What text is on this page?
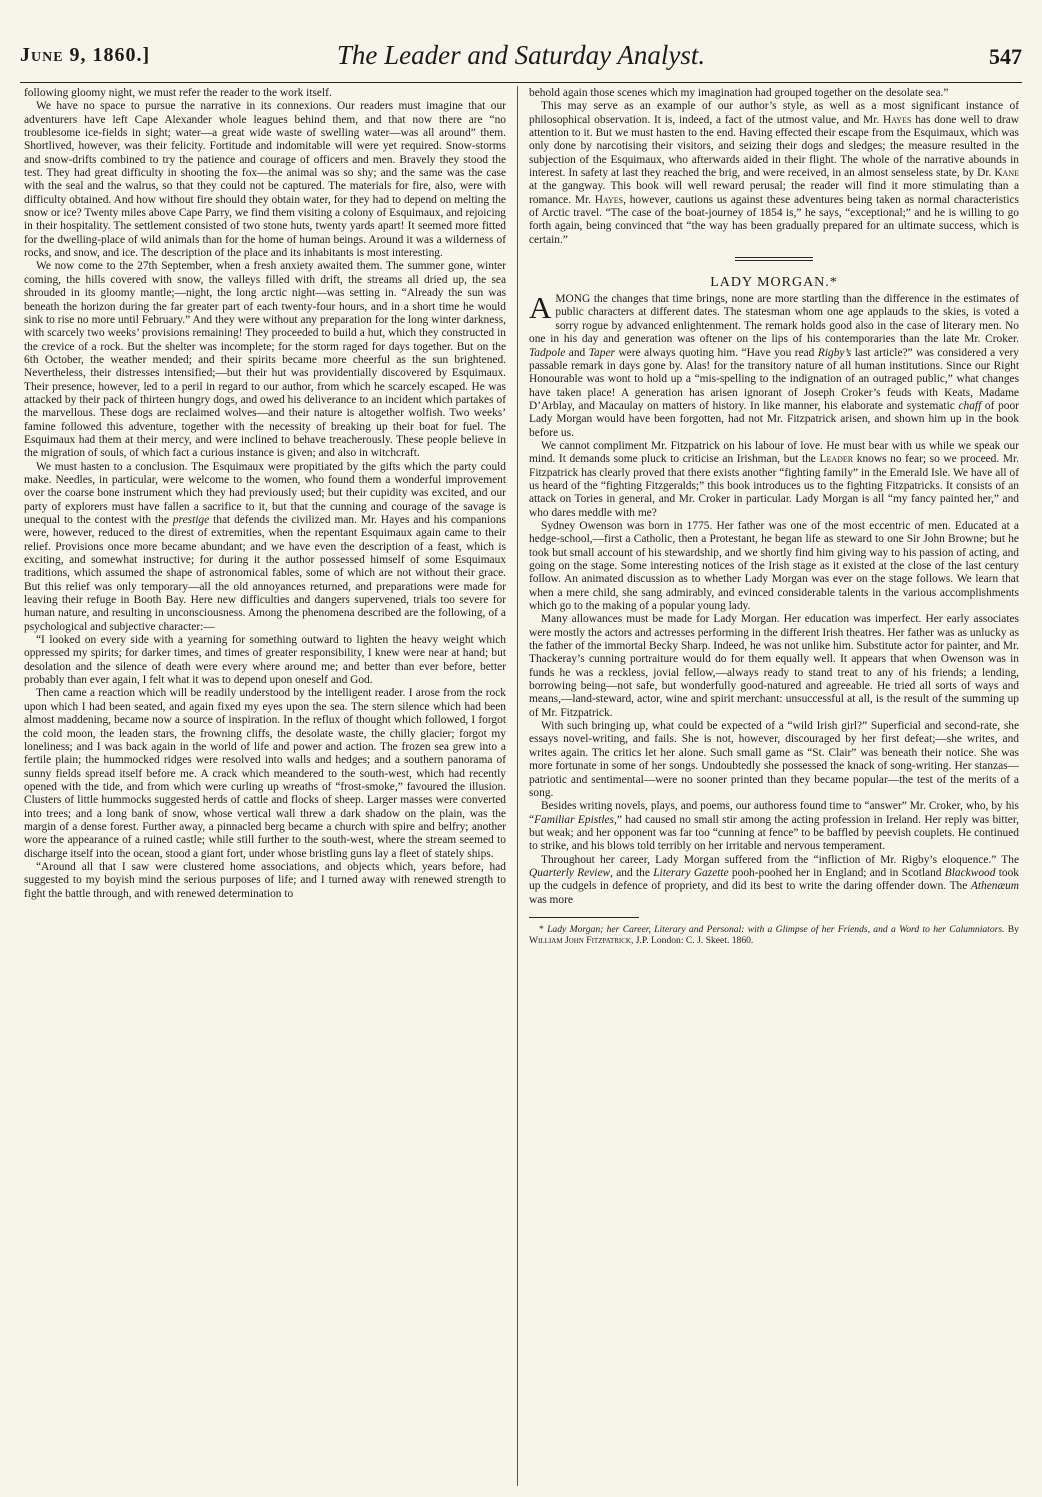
June 9, 1860.]	The Leader and Saturday Analyst.	547

following gloomy night, we must refer the reader to the work itself.

We have no space to pursue the narrative in its connexions. Our readers must imagine that our adventurers have left Cape Alexander whole leagues behind them, and that now there are “no troublesome ice-fields in sight; water—a great wide waste of swelling water—was all around” them. Shortlived, however, was their felicity. Fortitude and indomitable will were yet required. Snow-storms and snow-drifts combined to try the patience and courage of officers and men. Bravely they stood the test. They had great difficulty in shooting the fox—the animal was so shy; and the same was the case with the seal and the walrus, so that they could not be captured. The materials for fire, also, were with difficulty obtained. And how without fire should they obtain water, for they had to depend on melting the snow or ice? Twenty miles above Cape Parry, we find them visiting a colony of Esquimaux, and rejoicing in their hospitality. The settlement consisted of two stone huts, twenty yards apart! It seemed more fitted for the dwelling-place of wild animals than for the home of human beings. Around it was a wilderness of rocks, and snow, and ice. The description of the place and its inhabitants is most interesting.

We now come to the 27th September, when a fresh anxiety awaited them. The summer gone, winter coming, the hills covered with snow, the valleys filled with drift, the streams all dried up, the sea shrouded in its gloomy mantle;—night, the long arctic night—was setting in. “Already the sun was beneath the horizon during the far greater part of each twenty-four hours, and in a short time he would sink to rise no more until February.” And they were without any preparation for the long winter darkness, with scarcely two weeks’ provisions remaining! They proceeded to build a hut, which they constructed in the crevice of a rock. But the shelter was incomplete; for the storm raged for days together. But on the 6th October, the weather mended; and their spirits became more cheerful as the sun brightened. Nevertheless, their distresses intensified;—but their hut was providentially discovered by Esquimaux. Their presence, however, led to a peril in regard to our author, from which he scarcely escaped. He was attacked by their pack of thirteen hungry dogs, and owed his deliverance to an incident which partakes of the marvellous. These dogs are reclaimed wolves—and their nature is altogether wolfish. Two weeks’ famine followed this adventure, together with the necessity of breaking up their boat for fuel. The Esquimaux had them at their mercy, and were inclined to behave treacherously. These people believe in the migration of souls, of which fact a curious instance is given; and also in witchcraft.

We must hasten to a conclusion. The Esquimaux were propitiated by the gifts which the party could make. Needles, in particular, were welcome to the women, who found them a wonderful improvement over the coarse bone instrument which they had previously used; but their cupidity was excited, and our party of explorers must have fallen a sacrifice to it, but that the cunning and courage of the savage is unequal to the contest with the prestige that defends the civilized man. Mr. Hayes and his companions were, however, reduced to the direst of extremities, when the repentant Esquimaux again came to their relief. Provisions once more became abundant; and we have even the description of a feast, which is exciting, and somewhat instructive; for during it the author possessed himself of some Esquimaux traditions, which assumed the shape of astronomical fables, some of which are not without their grace. But this relief was only temporary—all the old annoyances returned, and preparations were made for leaving their refuge in Booth Bay. Here new difficulties and dangers supervened, trials too severe for human nature, and resulting in unconsciousness. Among the phenomena described are the following, of a psychological and subjective character:—

“I looked on every side with a yearning for something outward to lighten the heavy weight which oppressed my spirits; for darker times, and times of greater responsibility, I knew were near at hand; but desolation and the silence of death were every where around me; and better than ever before, better probably than ever again, I felt what it was to depend upon oneself and God.

Then came a reaction which will be readily understood by the intelligent reader. I arose from the rock upon which I had been seated, and again fixed my eyes upon the sea. The stern silence which had been almost maddening, became now a source of inspiration. In the reflux of thought which followed, I forgot the cold moon, the leaden stars, the frowning cliffs, the desolate waste, the chilly glacier; forgot my loneliness; and I was back again in the world of life and power and action. The frozen sea grew into a fertile plain; the hummocked ridges were resolved into walls and hedges; and a southern panorama of sunny fields spread itself before me. A crack which meandered to the south-west, which had recently opened with the tide, and from which were curling up wreaths of “frost-smoke,” favoured the illusion. Clusters of little hummocks suggested herds of cattle and flocks of sheep. Larger masses were converted into trees; and a long bank of snow, whose vertical wall threw a dark shadow on the plain, was the margin of a dense forest. Further away, a pinnacled berg became a church with spire and belfry; another wore the appearance of a ruined castle; while still further to the south-west, where the stream seemed to discharge itself into the ocean, stood a giant fort, under whose bristling guns lay a fleet of stately ships.

“Around all that I saw were clustered home associations, and objects which, years before, had suggested to my boyish mind the serious purposes of life; and I turned away with renewed strength to fight the battle through, and with renewed determination to

behold again those scenes which my imagination had grouped together on the desolate sea.”

This may serve as an example of our author’s style, as well as a most significant instance of philosophical observation. It is, indeed, a fact of the utmost value, and Mr. Hayes has done well to draw attention to it. But we must hasten to the end. Having effected their escape from the Esquimaux, which was only done by narcotising their visitors, and seizing their dogs and sledges; the measure resulted in the subjection of the Esquimaux, who afterwards aided in their flight. The whole of the narrative abounds in interest. In safety at last they reached the brig, and were received, in an almost senseless state, by Dr. Kane at the gangway. This book will well reward perusal; the reader will find it more stimulating than a romance. Mr. Hayes, however, cautions us against these adventures being taken as normal characteristics of Arctic travel. “The case of the boat-journey of 1854 is,” he says, “exceptional;” and he is willing to go forth again, being convinced that “the way has been gradually prepared for an ultimate success, which is certain.”

LADY MORGAN.*

AMONG the changes that time brings, none are more startling than the difference in the estimates of public characters at different dates. The statesman whom one age applauds to the skies, is voted a sorry rogue by advanced enlightenment. The remark holds good also in the case of literary men. No one in his day and generation was oftener on the lips of his contemporaries than the late Mr. Croker. Tadpole and Taper were always quoting him. “Have you read Rigby’s last article?” was considered a very passable remark in days gone by. Alas! for the transitory nature of all human institutions. Since our Right Honourable was wont to hold up a “mis-spelling to the indignation of an outraged public,” what changes have taken place! A generation has arisen ignorant of Joseph Croker’s feuds with Keats, Madame D’Arblay, and Macaulay on matters of history. In like manner, his elaborate and systematic chaff of poor Lady Morgan would have been forgotten, had not Mr. Fitzpatrick arisen, and shown him up in the book before us.

We cannot compliment Mr. Fitzpatrick on his labour of love. He must bear with us while we speak our mind. It demands some pluck to criticise an Irishman, but the Leader knows no fear; so we proceed. Mr. Fitzpatrick has clearly proved that there exists another “fighting family” in the Emerald Isle. We have all of us heard of the “fighting Fitzgeralds;” this book introduces us to the fighting Fitzpatricks. It consists of an attack on Tories in general, and Mr. Croker in particular. Lady Morgan is all “my fancy painted her,” and who dares meddle with me?

Sydney Owenson was born in 1775. Her father was one of the most eccentric of men. Educated at a hedge-school,—first a Catholic, then a Protestant, he began life as steward to one Sir John Browne; but he took but small account of his stewardship, and we shortly find him giving way to his passion of acting, and going on the stage. Some interesting notices of the Irish stage as it existed at the close of the last century follow. An animated discussion as to whether Lady Morgan was ever on the stage follows. We learn that when a mere child, she sang admirably, and evinced considerable talents in the various accomplishments which go to the making of a popular young lady.

Many allowances must be made for Lady Morgan. Her education was imperfect. Her early associates were mostly the actors and actresses performing in the different Irish theatres. Her father was as unlucky as the father of the immortal Becky Sharp. Indeed, he was not unlike him. Substitute actor for painter, and Mr. Thackeray’s cunning portraiture would do for them equally well. It appears that when Owenson was in funds he was a reckless, jovial fellow,—always ready to stand treat to any of his friends; a lending, borrowing being—not safe, but wonderfully good-natured and agreeable. He tried all sorts of ways and means,—land-steward, actor, wine and spirit merchant: unsuccessful at all, is the result of the summing up of Mr. Fitzpatrick.

With such bringing up, what could be expected of a “wild Irish girl?” Superficial and second-rate, she essays novel-writing, and fails. She is not, however, discouraged by her first defeat;—she writes, and writes again. The critics let her alone. Such small game as “St. Clair” was beneath their notice. She was more fortunate in some of her songs. Undoubtedly she possessed the knack of song-writing. Her stanzas—patriotic and sentimental—were no sooner printed than they became popular—the test of the merits of a song.

Besides writing novels, plays, and poems, our authoress found time to “answer” Mr. Croker, who, by his “Familiar Epistles,” had caused no small stir among the acting profession in Ireland. Her reply was bitter, but weak; and her opponent was far too “cunning at fence” to be baffled by peevish couplets. He continued to strike, and his blows told terribly on her irritable and nervous temperament.

Throughout her career, Lady Morgan suffered from the “infliction of Mr. Rigby’s eloquence.” The Quarterly Review, and the Literary Gazette pooh-poohed her in England; and in Scotland Blackwood took up the cudgels in defence of propriety, and did its best to write the daring offender down. The Athenæum was more

* Lady Morgan; her Career, Literary and Personal: with a Glimpse of her Friends, and a Word to her Calumniators. By William John Fitzpatrick, J.P. London: C. J. Skeet. 1860.
